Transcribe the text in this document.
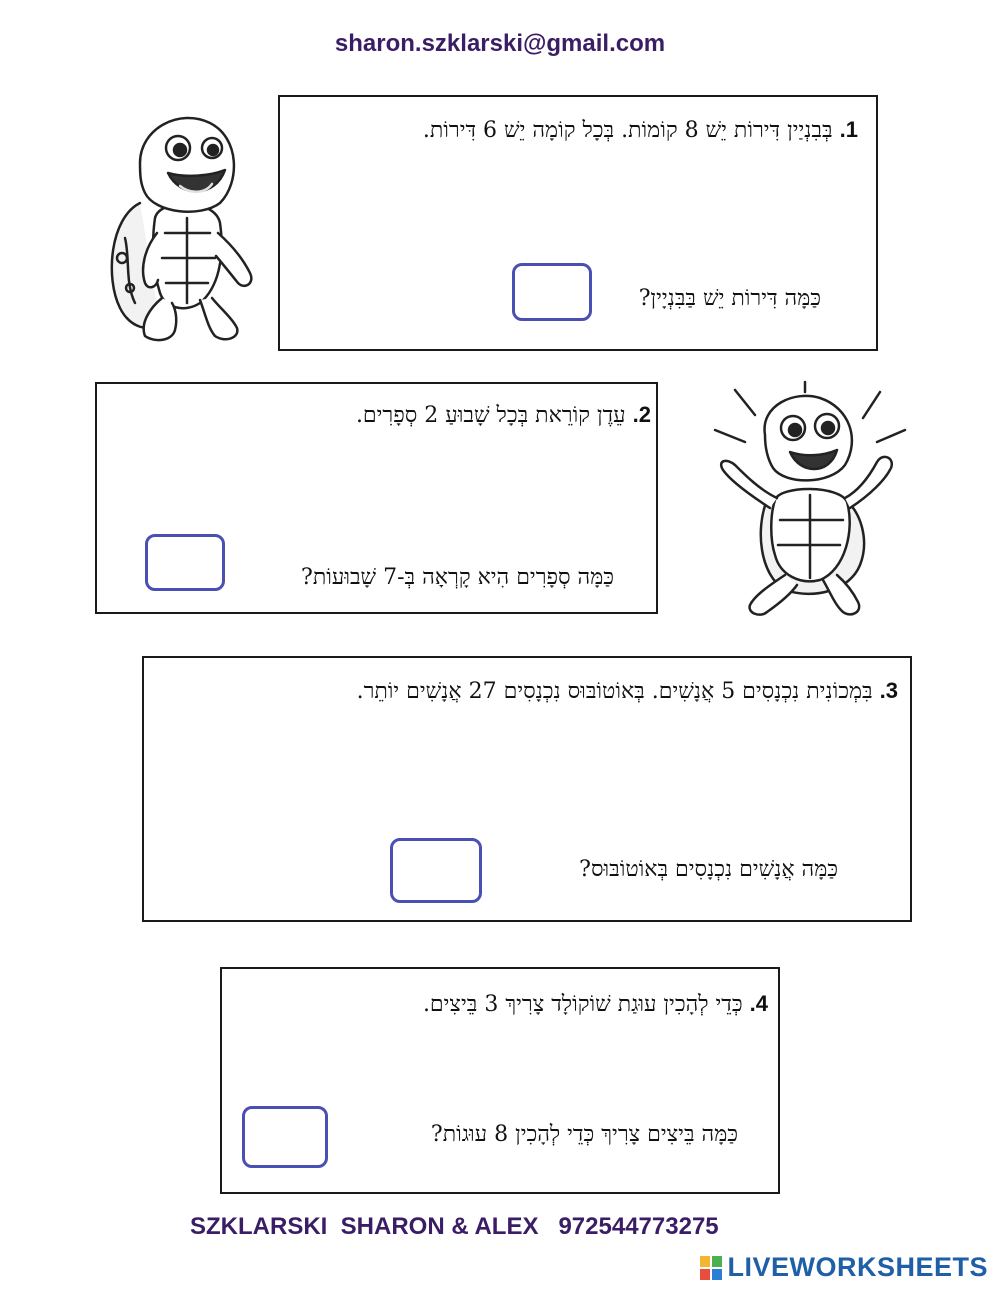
sharon.szklarski@gmail.com
1. בְּבִנְיַין דִּירוֹת יֵשׁ 8 קוֹמוֹת. בְּכָל קוֹמָה יֵשׁ 6 דִּירוֹת.
כַּמָּה דִּירוֹת יֵשׁ בַּבִּנְיָין?
2. עֵדֶן קוֹרֵאת בְּכָל שָׁבוּעַ 2 סְפָרִים.
כַּמָּה סְפָרִים הִיא קָרְאָה בְּ-7 שָׁבוּעוֹת?
3. בִּמְכוֹנִית נִכְנָסִים 5 אֲנָשִׁים. בְּאוֹטוֹבּוּס נִכְנָסִים 27 אֲנָשִׁים יוֹתֵר.
כַּמָּה אֲנָשִׁים נִכְנָסִים בְּאוֹטוֹבּוּס?
4. כְּדֵי לְהָכִין עוּגַת שׁוֹקוֹלָד צָרִיךְ 3 בֵּיצִים.
כַּמָּה בֵּיצִים צָרִיךְ כְּדֵי לְהָכִין 8 עוּגוֹת?
SZKLARSKI  SHARON & ALEX   972544773275
LIVEWORKSHEETS
